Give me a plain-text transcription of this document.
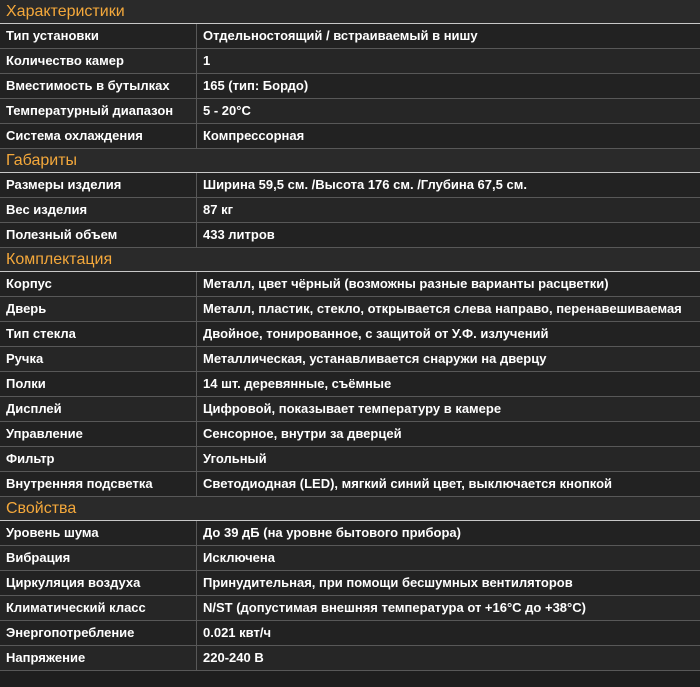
Характеристики
Тип установки	Отдельностоящий / встраиваемый в нишу
Количество камер	1
Вместимость в бутылках	165 (тип: Бордо)
Температурный диапазон	5 - 20°С
Система охлаждения	Компрессорная
Габариты
Размеры изделия	Ширина 59,5 см. /Высота 176 см. /Глубина 67,5 см.
Вес изделия	87 кг
Полезный объем	433 литров
Комплектация
Корпус	Металл, цвет чёрный (возможны разные варианты расцветки)
Дверь	Металл, пластик, стекло, открывается слева направо, перенавешиваемая
Тип стекла	Двойное, тонированное, с защитой от У.Ф. излучений
Ручка	Металлическая, устанавливается снаружи на дверцу
Полки	14 шт. деревянные, съёмные
Дисплей	Цифровой, показывает температуру в камере
Управление	Сенсорное, внутри за дверцей
Фильтр	Угольный
Внутренняя подсветка	Светодиодная (LED), мягкий синий цвет, выключается кнопкой
Свойства
Уровень шума	До 39 дБ (на уровне бытового прибора)
Вибрация	Исключена
Циркуляция воздуха	Принудительная, при помощи бесшумных вентиляторов
Климатический класс	N/ST (допустимая внешняя температура от +16°С до +38°С)
Энергопотребление	0.021 квт/ч
Напряжение	220-240 В
